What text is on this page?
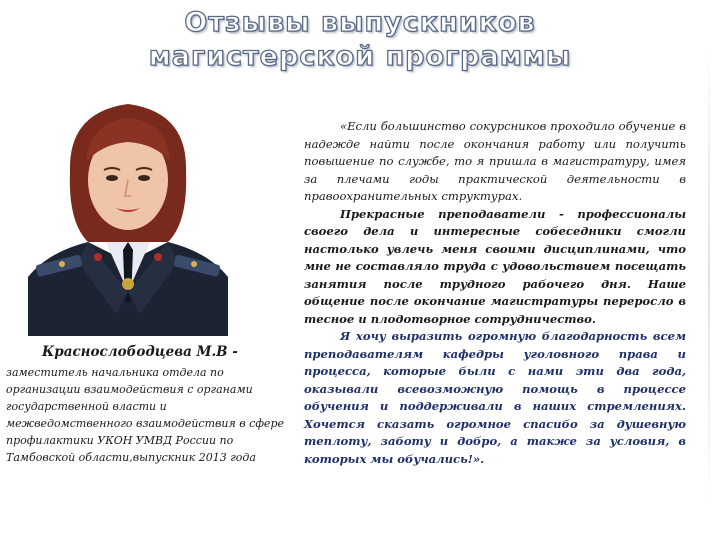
Отзывы выпускников
магистерской программы
Краснослободцева М.В -
заместитель начальника отдела по организации взаимодействия с органами государственной власти и межведомственного взаимодействия в сфере профилактики УКОН УМВД России по Тамбовской области,выпускник 2013 года

«Если большинство сокурсников проходило обучение в надежде найти после окончания работу или получить повышение по службе, то я пришла в магистратуру, имея за плечами годы практической деятельности в правоохранительных структурах.

Прекрасные преподаватели - профессионалы своего дела и интересные собеседники смогли настолько увлечь меня своими дисциплинами, что мне не составляло труда с удовольствием посещать занятия после трудного рабочего дня. Наше общение после окончание магистратуры переросло в тесное и плодотворное сотрудничество.

Я хочу выразить огромную благодарность всем преподавателям кафедры уголовного права и процесса, которые были с нами эти два года, оказывали всевозможную помощь в процессе обучения и поддерживали в наших стремлениях. Хочется сказать огромное спасибо за душевную теплоту, заботу и добро, а также за условия, в которых мы обучались!».
